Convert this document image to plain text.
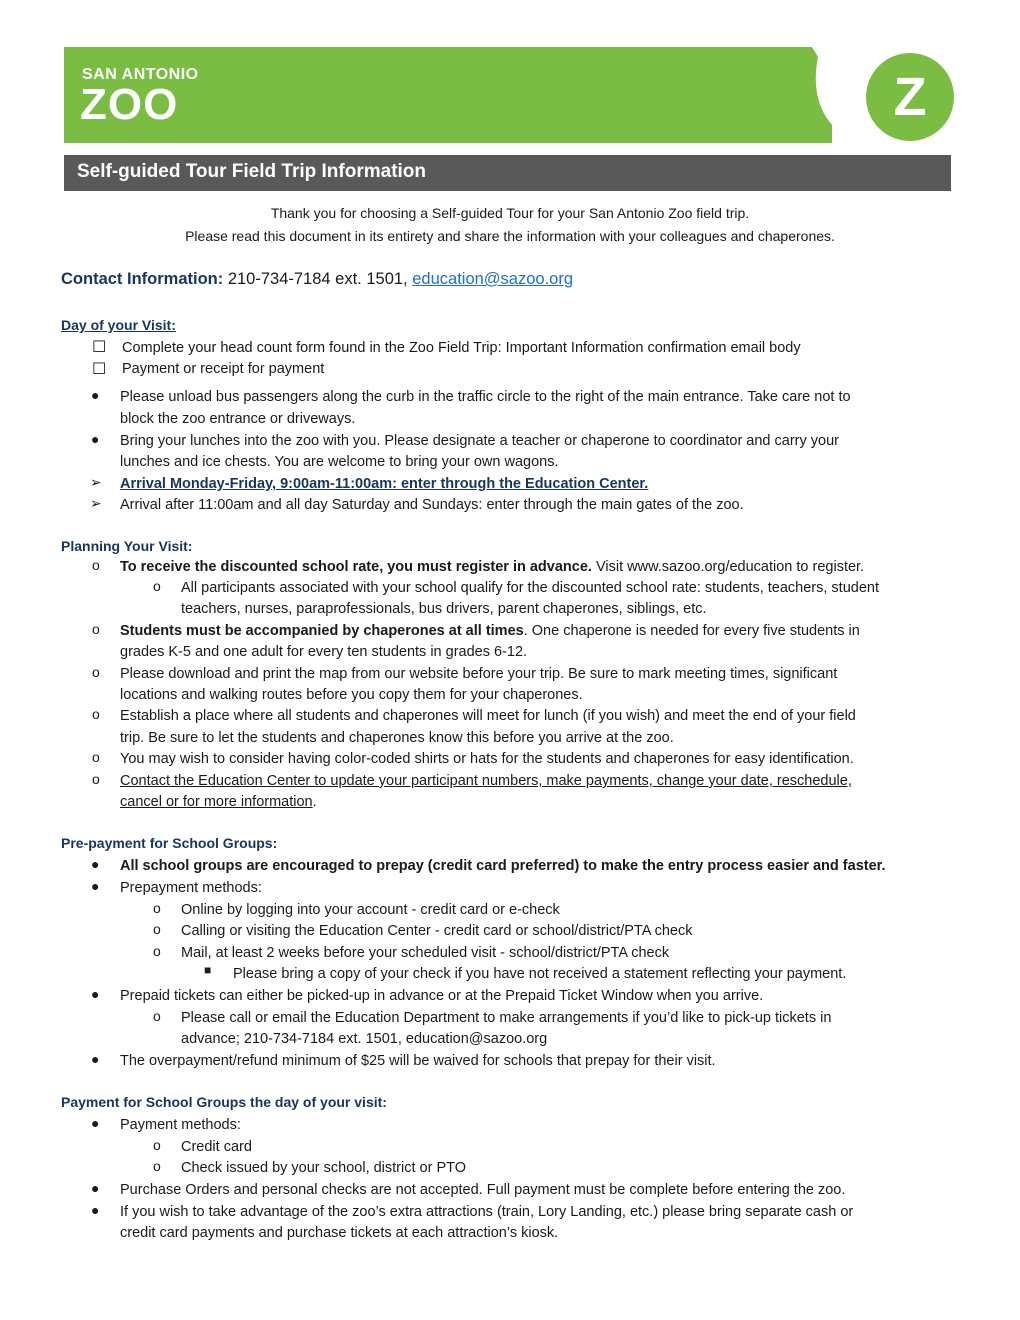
SAN ANTONIO
ZOO	Z
Self-guided Tour Field Trip Information
Thank you for choosing a Self-guided Tour for your San Antonio Zoo field trip.
Please read this document in its entirety and share the information with your colleagues and chaperones.
Contact Information: 210-734-7184 ext. 1501, education@sazoo.org
Day of your Visit:
☐ Complete your head count form found in the Zoo Field Trip: Important Information confirmation email body
☐ Payment or receipt for payment
● Please unload bus passengers along the curb in the traffic circle to the right of the main entrance. Take care not to
block the zoo entrance or driveways.
● Bring your lunches into the zoo with you. Please designate a teacher or chaperone to coordinator and carry your
lunches and ice chests. You are welcome to bring your own wagons.
➢ Arrival Monday-Friday, 9:00am-11:00am: enter through the Education Center.
➢ Arrival after 11:00am and all day Saturday and Sundays: enter through the main gates of the zoo.
Planning Your Visit:
o To receive the discounted school rate, you must register in advance. Visit www.sazoo.org/education to register.
o All participants associated with your school qualify for the discounted school rate: students, teachers, student
teachers, nurses, paraprofessionals, bus drivers, parent chaperones, siblings, etc.
o Students must be accompanied by chaperones at all times. One chaperone is needed for every five students in
grades K-5 and one adult for every ten students in grades 6-12.
o Please download and print the map from our website before your trip. Be sure to mark meeting times, significant
locations and walking routes before you copy them for your chaperones.
o Establish a place where all students and chaperones will meet for lunch (if you wish) and meet the end of your field
trip. Be sure to let the students and chaperones know this before you arrive at the zoo.
o You may wish to consider having color-coded shirts or hats for the students and chaperones for easy identification.
o Contact the Education Center to update your participant numbers, make payments, change your date, reschedule,
cancel or for more information.
Pre-payment for School Groups:
● All school groups are encouraged to prepay (credit card preferred) to make the entry process easier and faster.
● Prepayment methods:
o Online by logging into your account - credit card or e-check
o Calling or visiting the Education Center - credit card or school/district/PTA check
o Mail, at least 2 weeks before your scheduled visit - school/district/PTA check
■ Please bring a copy of your check if you have not received a statement reflecting your payment.
● Prepaid tickets can either be picked-up in advance or at the Prepaid Ticket Window when you arrive.
o Please call or email the Education Department to make arrangements if you’d like to pick-up tickets in
advance; 210-734-7184 ext. 1501, education@sazoo.org
● The overpayment/refund minimum of $25 will be waived for schools that prepay for their visit.
Payment for School Groups the day of your visit:
● Payment methods:
o Credit card
o Check issued by your school, district or PTO
● Purchase Orders and personal checks are not accepted. Full payment must be complete before entering the zoo.
● If you wish to take advantage of the zoo’s extra attractions (train, Lory Landing, etc.) please bring separate cash or
credit card payments and purchase tickets at each attraction’s kiosk.
